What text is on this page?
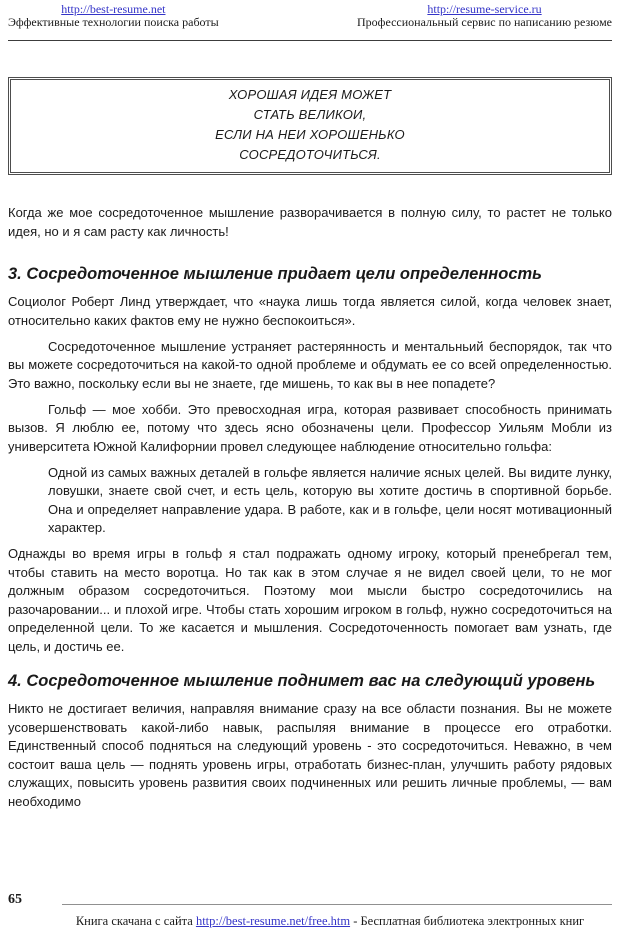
http://best-resume.net
Эффективные технологии поиска работы
http://resume-service.ru
Профессиональный сервис по написанию резюме
ХОРОШАЯ ИДЕЯ МОЖЕТ
СТАТЬ ВЕЛИКОИ,
ЕСЛИ НА НЕИ ХОРОШЕНЬКО
СОСРЕДОТОЧИТЬСЯ.

Когда же мое сосредоточенное мышление разворачивается в полную силу, то растет не только идея, но и я сам расту как личность!

3. Сосредоточенное мышление придает цели определенность

Социолог Роберт Линд утверждает, что «наука лишь тогда является силой, когда человек знает, относительно каких фактов ему не нужно беспокоиться».

Сосредоточенное мышление устраняет растерянность и ментальньий беспорядок, так что вы можете сосредоточиться на какой-то одной проблеме и обдумать ее со всей определенностью. Это важно, поскольку если вы не знаете, где мишень, то как вы в нее попадете?

Гольф — мое хобби. Это превосходная игра, которая развивает способность принимать вызов. Я люблю ее, потому что здесь ясно обозначены цели. Профессор Уильям Мобли из университета Южной Калифорнии провел следующее наблюдение относительно гольфа:

Одной из самых важных деталей в гольфе является наличие ясных целей. Вы видите лунку, ловушки, знаете свой счет, и есть цель, которую вы хотите достичь в спортивной борьбе. Она и определяет направление удара. В работе, как и в гольфе, цели носят мотивационный характер.

Однажды во время игры в гольф я стал подражать одному игроку, который пренебрегал тем, чтобы ставить на место воротца. Но так как в этом случае я не видел своей цели, то не мог должным образом сосредоточиться. Поэтому мои мысли быстро сосредоточились на разочаровании... и плохой игре. Чтобы стать хорошим игроком в гольф, нужно сосредоточиться на определенной цели. То же касается и мышления. Сосредоточенность помогает вам узнать, где цель, и достичь ее.

4. Сосредоточенное мышление поднимет вас на следующий уровень

Никто не достигает величия, направляя внимание сразу на все области познания. Вы не можете усовершенствовать какой-либо навык, распыляя внимание в процессе его отработки. Единственный способ подняться на следующий уровень - это сосредоточиться. Неважно, в чем состоит ваша цель — поднять уровень игры, отработать бизнес-план, улучшить работу рядовых служащих, повысить уровень развития своих подчиненных или решить личные проблемы, — вам необходимо

65
Книга скачана с сайта http://best-resume.net/free.htm - Бесплатная библиотека электронных книг
